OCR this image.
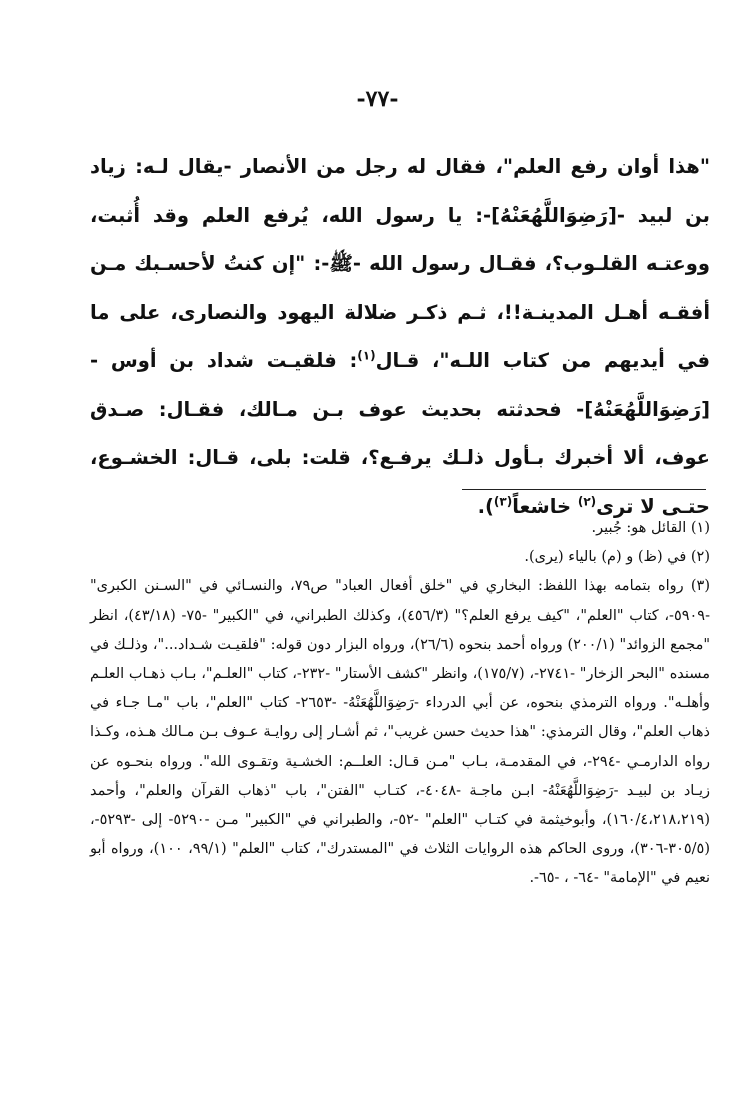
-٧٧-
"هذا أوان رفع العلم"، فقال له رجل من الأنصار -يقال لـه: زياد بن لبيد -[رَضِوَاللَّهُعَنْهُ]-: يا رسول الله، يُرفع العلم وقد أُثبت، ووعتـه القلـوب؟، فقـال رسول الله -ﷺ-: "إن كنتُ لأحسـبك مـن أفقـه أهـل المدينـة!!، ثـم ذكـر ضلالة اليهود والنصارى، على ما في أيديهم من كتاب اللـه"، قـال$^{(١)}$: فلقيـت شداد بن أوس -[رَضِوَاللَّهُعَنْهُ]- فحدثته بحديث عوف بـن مـالك، فقـال: صـدق عوف، ألا أخبرك بـأول ذلـك يرفـع؟، قلت: بلى، قـال: الخشـوع، حتـى لا ترى$^{(٢)}$ خاشعاً$^{(٣)}$).

(١) القائل هو: جُبير.

(٢) في (ظ) و (م) بالياء (يرى).

(٣) رواه بتمامه بهذا اللفظ: البخاري في "خلق أفعال العباد" ص٧٩، والنسـائي في "السـنن الكبرى" -٥٩٠٩-، كتاب "العلم"، "كيف يرفع العلم؟" (٤٥٦/٣)، وكذلك الطبراني، في "الكبير" -٧٥- (٤٣/١٨)، انظر "مجمع الزوائد" (٢٠٠/١) ورواه أحمد بنحوه (٢٦/٦)، ورواه البزار دون قوله: "فلقيـت شـداد..."، وذلـك في مسنده "البحر الزخار" -٢٧٤١-، (١٧٥/٧)، وانظر "كشف الأستار" -٢٣٢-، كتاب "العلـم"، بـاب ذهـاب العلـم وأهلـه". ورواه الترمذي بنحوه، عن أبي الدرداء -رَضِوَاللَّهُعَنْهُ- -٢٦٥٣- كتاب "العلم"، باب "مـا جـاء في ذهاب العلم"، وقال الترمذي: "هذا حديث حسن غريب"، ثم أشـار إلى روايـة عـوف بـن مـالك هـذه، وكـذا رواه الدارمـي -٢٩٤-، في المقدمـة، بـاب "مـن قـال: العلــم: الخشـية وتقـوى الله". ورواه بنحـوه عن زيـاد بن لبيـد -رَضِوَاللَّهُعَنْهُ- ابـن ماجـة -٤٠٤٨-، كتـاب "الفتن"، باب "ذهاب القرآن والعلم"، وأحمد (١٦٠/٤،٢١٨،٢١٩)، وأبوخيثمة في كتـاب "العلم" -٥٢-، والطبراني في "الكبير" مـن -٥٢٩٠- إلى -٥٢٩٣-، (٣٠٥/٥-٣٠٦)، وروى الحاكم هذه الروايات الثلاث في "المستدرك"، كتاب "العلم" (٩٩/١، ١٠٠)، ورواه أبو نعيم في "الإمامة" -٦٤- ، -٦٥-.
